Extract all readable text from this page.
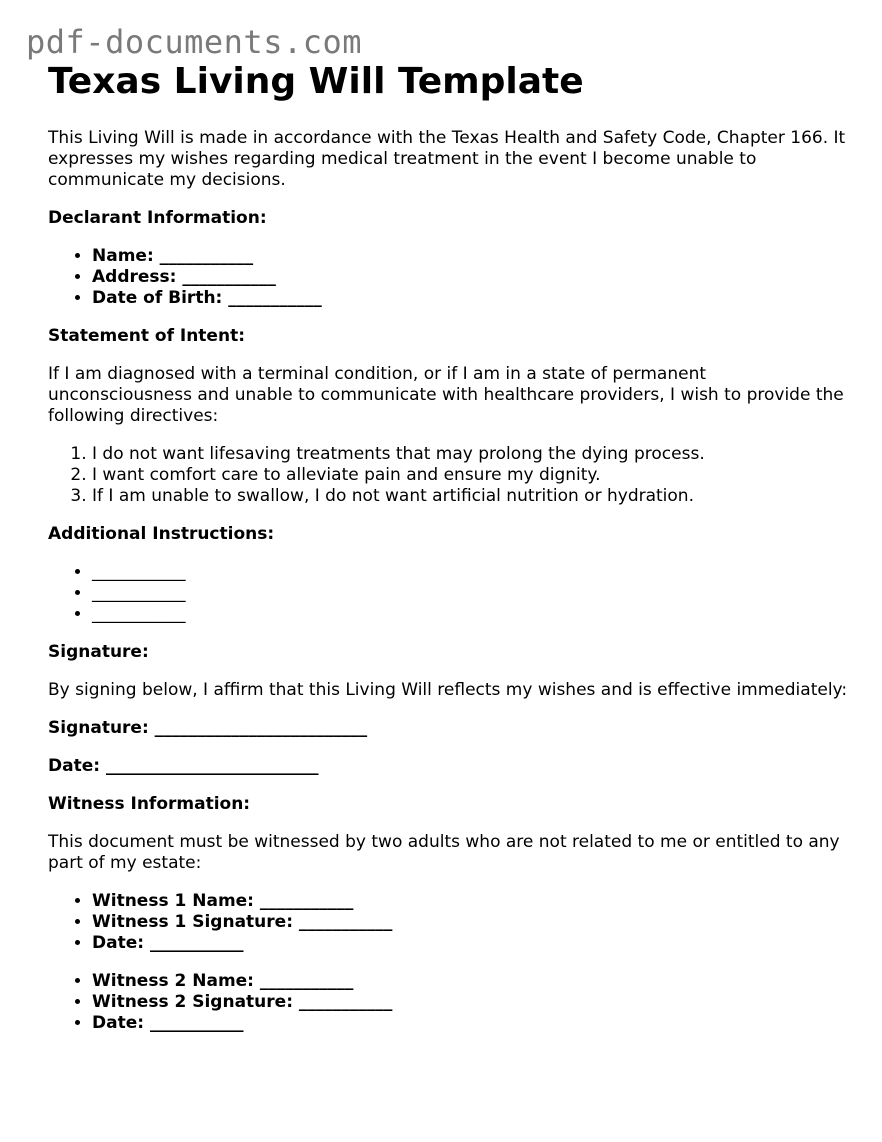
pdf-documents.com
Texas Living Will Template

This Living Will is made in accordance with the Texas Health and Safety Code, Chapter 166. It expresses my wishes regarding medical treatment in the event I become unable to communicate my decisions.

Declarant Information:

• Name: ___________
• Address: ___________
• Date of Birth: ___________

Statement of Intent:

If I am diagnosed with a terminal condition, or if I am in a state of permanent unconsciousness and unable to communicate with healthcare providers, I wish to provide the following directives:

1. I do not want lifesaving treatments that may prolong the dying process.
2. I want comfort care to alleviate pain and ensure my dignity.
3. If I am unable to swallow, I do not want artificial nutrition or hydration.

Additional Instructions:

• ___________
• ___________
• ___________

Signature:

By signing below, I affirm that this Living Will reflects my wishes and is effective immediately:

Signature: _________________________

Date: _________________________

Witness Information:

This document must be witnessed by two adults who are not related to me or entitled to any part of my estate:

• Witness 1 Name: ___________
• Witness 1 Signature: ___________
• Date: ___________
• Witness 2 Name: ___________
• Witness 2 Signature: ___________
• Date: ___________
